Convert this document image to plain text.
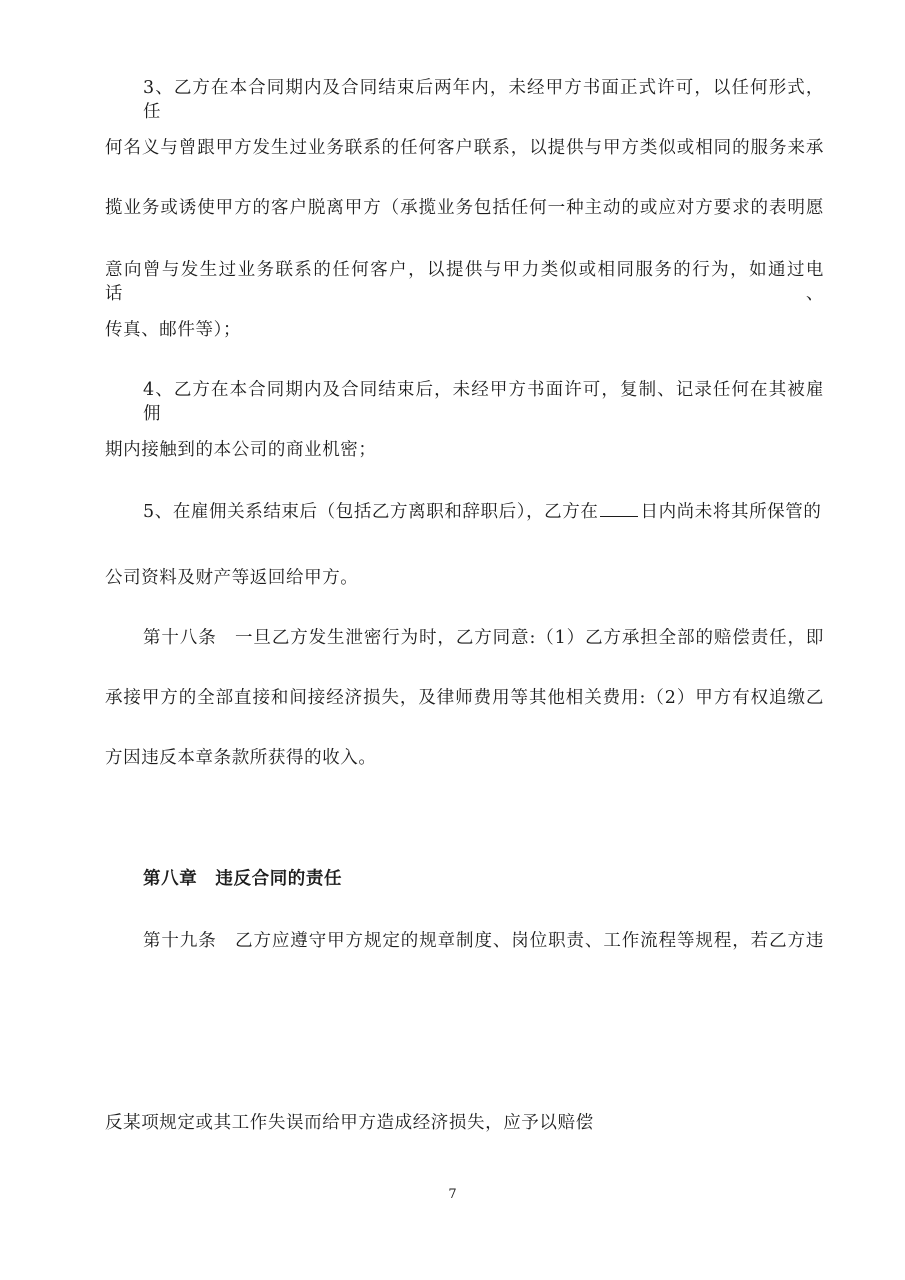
3、乙方在本合同期内及合同结束后两年内，未经甲方书面正式许可，以任何形式，任
何名义与曾跟甲方发生过业务联系的任何客户联系，以提供与甲方类似或相同的服务来承
揽业务或诱使甲方的客户脱离甲方（承揽业务包括任何一种主动的或应对方要求的表明愿
意向曾与发生过业务联系的任何客户，以提供与甲力类似或相同服务的行为，如通过电话、
传真、邮件等）；
4、乙方在本合同期内及合同结束后，未经甲方书面许可，复制、记录任何在其被雇佣
期内接触到的本公司的商业机密；
5、在雇佣关系结束后（包括乙方离职和辞职后），乙方在 日内尚未将其所保管的
公司资料及财产等返回给甲方。
第十八条　一旦乙方发生泄密行为时，乙方同意:（1）乙方承担全部的赔偿责任，即
承接甲方的全部直接和间接经济损失，及律师费用等其他相关费用:（2）甲方有权追缴乙
方因违反本章条款所获得的收入。
第八章　违反合同的责任
第十九条　乙方应遵守甲方规定的规章制度、岗位职责、工作流程等规程，若乙方违
反某项规定或其工作失误而给甲方造成经济损失，应予以赔偿
7
